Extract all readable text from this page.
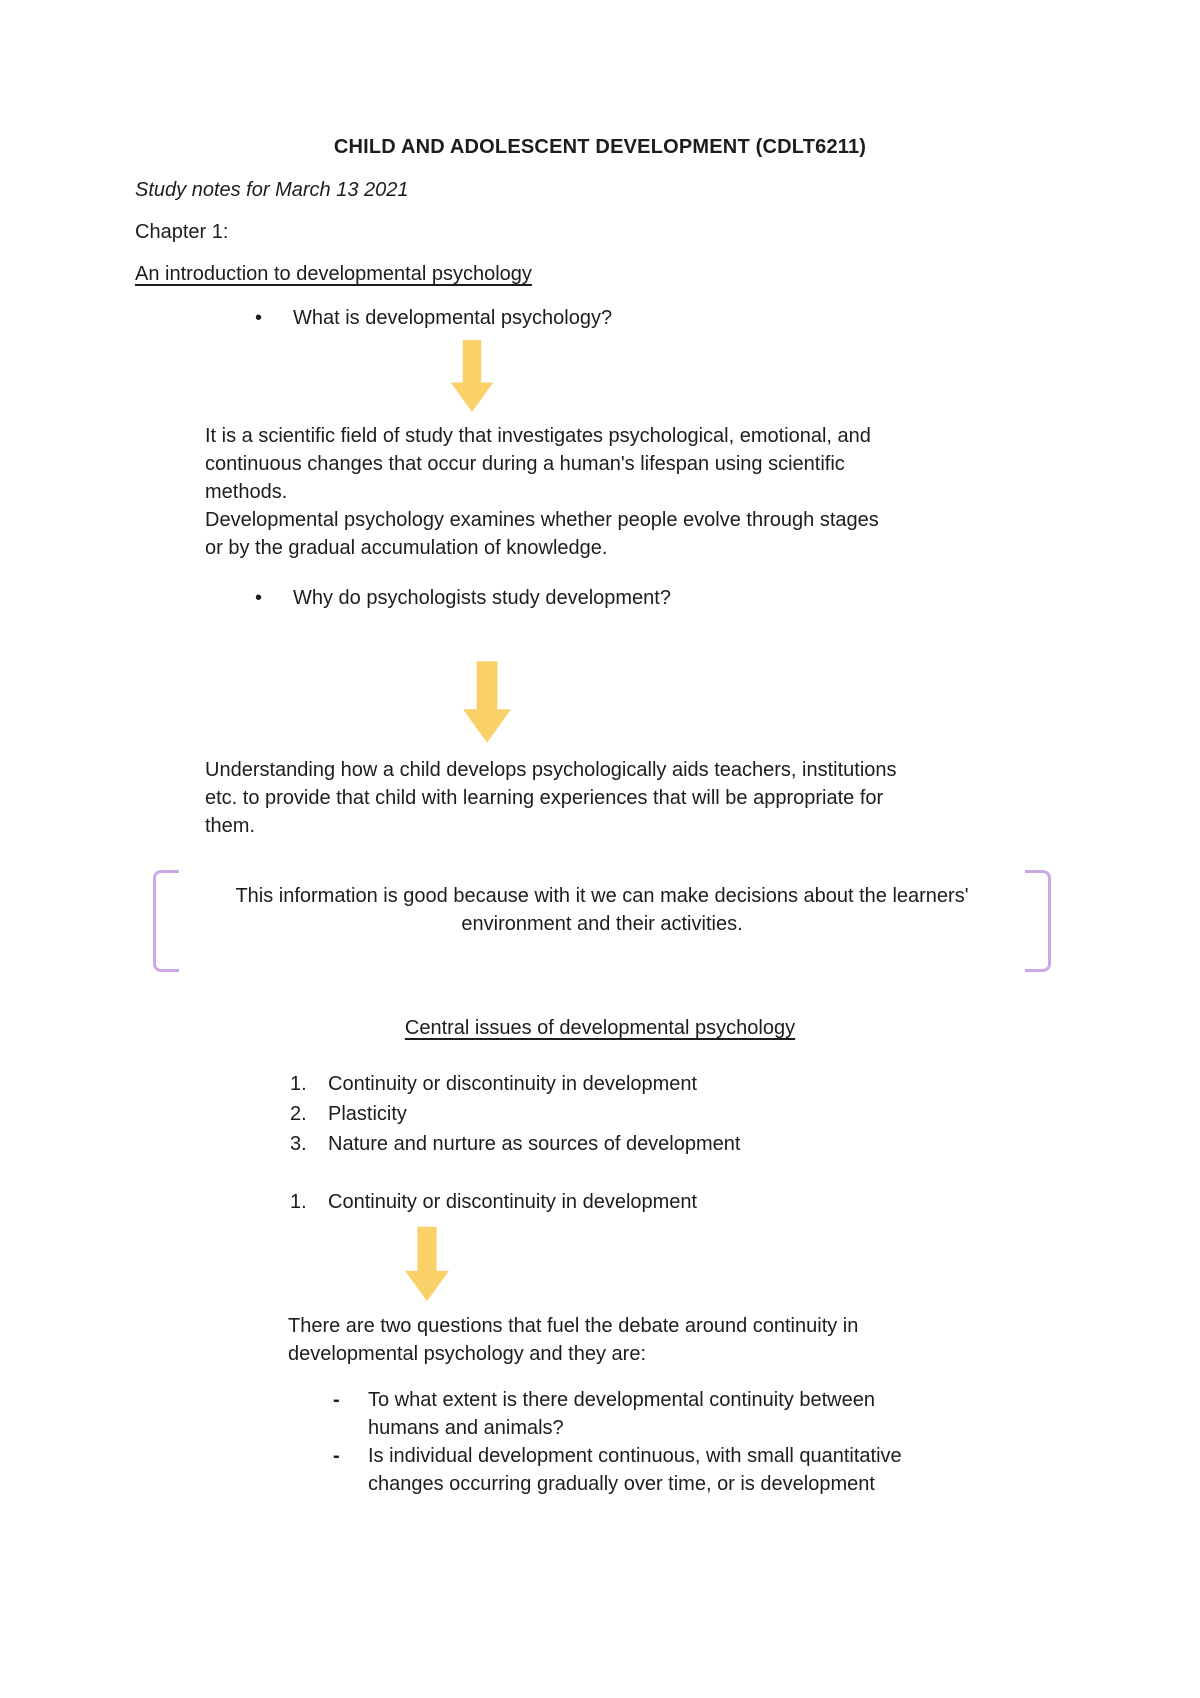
CHILD AND ADOLESCENT DEVELOPMENT (CDLT6211)
Study notes for March 13 2021
Chapter 1:
An introduction to developmental psychology
•	What is developmental psychology?
It is a scientific field of study that investigates psychological, emotional, and
continuous changes that occur during a human's lifespan using scientific
methods.
Developmental psychology examines whether people evolve through stages
or by the gradual accumulation of knowledge.
•	Why do psychologists study development?
Understanding how a child develops psychologically aids teachers, institutions
etc. to provide that child with learning experiences that will be appropriate for
them.
This information is good because with it we can make decisions about the learners'
environment and their activities.
Central issues of developmental psychology
1.	Continuity or discontinuity in development
2.	Plasticity
3.	Nature and nurture as sources of development
1.	Continuity or discontinuity in development
There are two questions that fuel the debate around continuity in
developmental psychology and they are:
-	To what extent is there developmental continuity between
humans and animals?
-	Is individual development continuous, with small quantitative
changes occurring gradually over time, or is development
